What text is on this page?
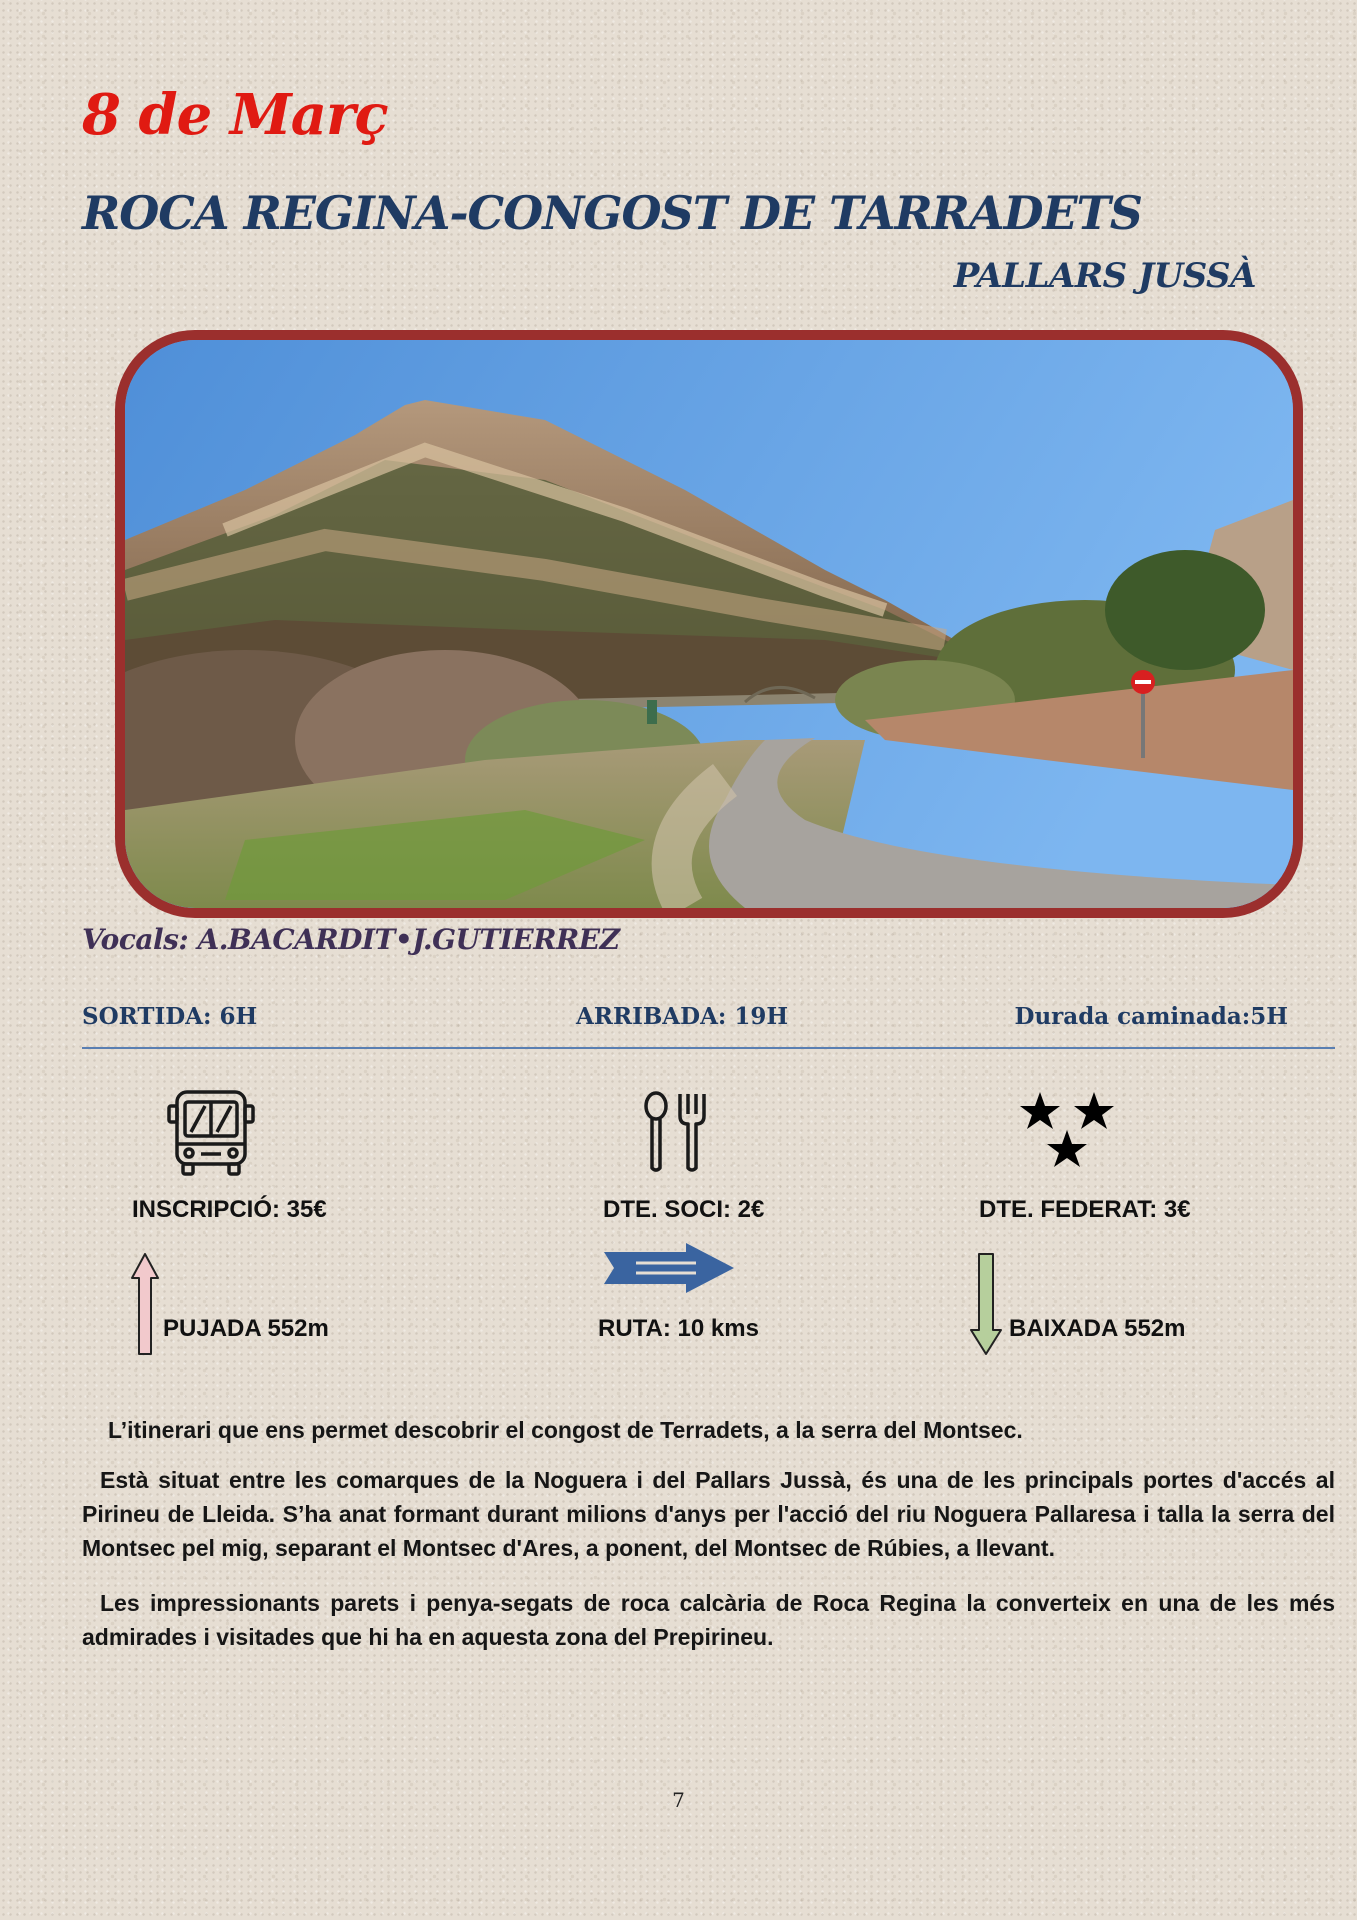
8 de Març
ROCA REGINA-CONGOST DE TARRADETS
PALLARS JUSSÀ
Vocals: A.BACARDIT•J.GUTIERREZ
SORTIDA: 6H	ARRIBADA: 19H	Durada caminada:5H
INSCRIPCIÓ: 35€	DTE. SOCI: 2€	DTE. FEDERAT: 3€
PUJADA 552m	RUTA: 10 kms	BAIXADA 552m
L’itinerari que ens permet descobrir el congost de Terradets, a la serra del Montsec.
Està situat entre les comarques de la Noguera i del Pallars Jussà, és una de les principals portes d'accés al Pirineu de Lleida. S’ha anat formant durant milions d'anys per l'acció del riu Noguera Pallaresa i talla la serra del Montsec pel mig, separant el Montsec d'Ares, a ponent, del Montsec de Rúbies, a llevant.
Les impressionants parets i penya-segats de roca calcària de Roca Regina la converteix en una de les més admirades i visitades que hi ha en aquesta zona del Prepirineu.
7
